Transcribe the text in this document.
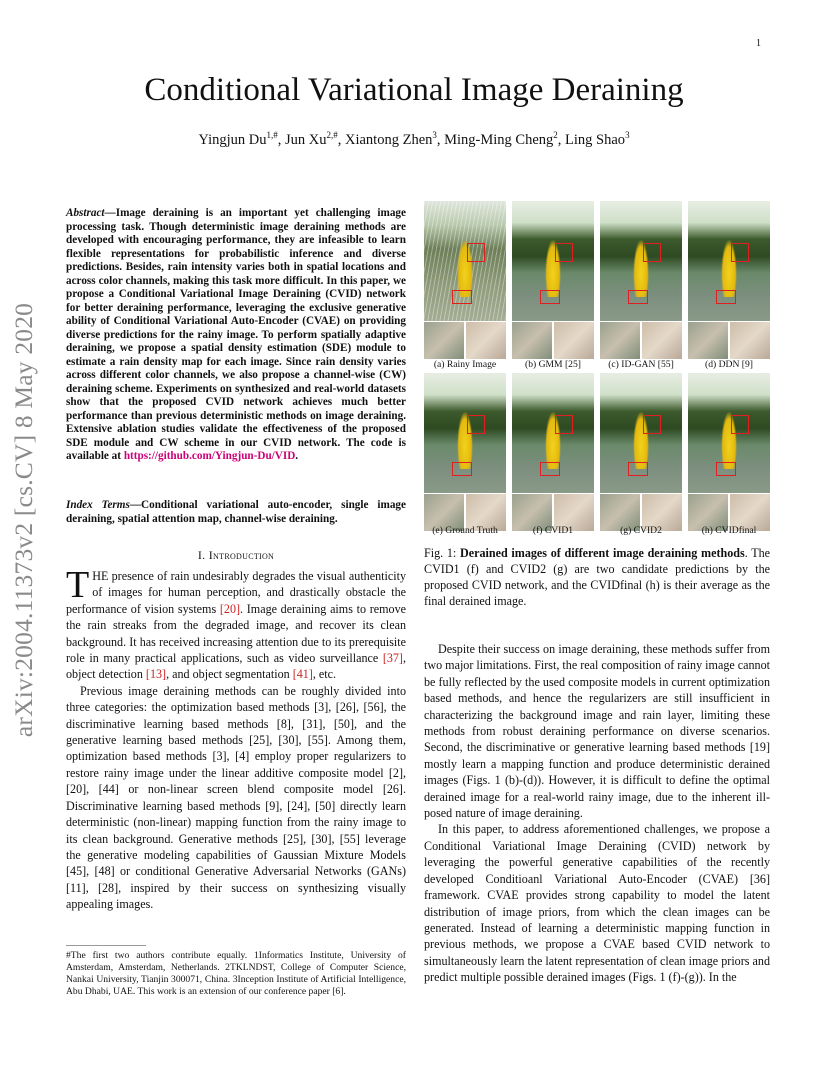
1
arXiv:2004.11373v2 [cs.CV] 8 May 2020
Conditional Variational Image Deraining
Yingjun $Du^{1,\#}$, Jun $Xu^{2,\#}$, Xiantong Zhen$^3$, Ming-Ming Cheng$^2$, Ling Shao$^3$
Abstract—Image deraining is an important yet challenging image processing task. Though deterministic image deraining methods are developed with encouraging performance, they are infeasible to learn flexible representations for probabilistic inference and diverse predictions. Besides, rain intensity varies both in spatial locations and across color channels, making this task more difficult. In this paper, we propose a Conditional Variational Image Deraining (CVID) network for better deraining performance, leveraging the exclusive generative ability of Conditional Variational Auto-Encoder (CVAE) on providing diverse predictions for the rainy image. To perform spatially adaptive deraining, we propose a spatial density estimation (SDE) module to estimate a rain density map for each image. Since rain density varies across different color channels, we also propose a channel-wise (CW) deraining scheme. Experiments on synthesized and real-world datasets show that the proposed CVID network achieves much better performance than previous deterministic methods on image deraining. Extensive ablation studies validate the effectiveness of the proposed SDE module and CW scheme in our CVID network. The code is available at https://github.com/Yingjun-Du/VID.
Index Terms—Conditional variational auto-encoder, single image deraining, spatial attention map, channel-wise deraining.
I. Introduction

THE presence of rain undesirably degrades the visual authenticity of images for human perception, and drastically obstacle the performance of vision systems [20]. Image deraining aims to remove the rain streaks from the degraded image, and recover its clean background. It has received increasing attention due to its prerequisite role in many practical applications, such as video surveillance [37], object detection [13], and object segmentation [41], etc.

Previous image deraining methods can be roughly divided into three categories: the optimization based methods [3], [26], [56], the discriminative learning based methods [8], [31], [50], and the generative learning based methods [25], [30], [55]. Among them, optimization based methods [3], [4] employ proper regularizers to restore rainy image under the linear additive composite model [2], [20], [44] or non-linear screen blend composite model [26]. Discriminative learning based methods [9], [24], [50] directly learn deterministic (non-linear) mapping function from the rainy image to its clean background. Generative methods [25], [30], [55] leverage the generative modeling capabilities of Gaussian Mixture Models [45], [48] or conditional Generative Adversarial Networks (GANs) [11], [28], inspired by their success on synthesizing visually appealing images.

#The first two authors contribute equally. 1Informatics Institute, University of Amsterdam, Amsterdam, Netherlands. 2TKLNDST, College of Computer Science, Nankai University, Tianjin 300071, China. 3Inception Institute of Artificial Intelligence, Abu Dhabi, UAE. This work is an extension of our conference paper [6].
(a) Rainy Image	(b) GMM [25]	(c) ID-GAN [55]	(d) DDN [9]
(e) Ground Truth	(f) CVID1	(g) CVID2	(h) CVIDfinal
Fig. 1: Derained images of different image deraining methods. The CVID1 (f) and CVID2 (g) are two candidate predictions by the proposed CVID network, and the CVIDfinal (h) is their average as the final derained image.

Despite their success on image deraining, these methods suffer from two major limitations. First, the real composition of rainy image cannot be fully reflected by the used composite models in current optimization based methods, and hence the regularizers are still insufficient in characterizing the background image and rain layer, limiting these methods from robust deraining performance on diverse scenarios. Second, the discriminative or generative learning based methods [19] mostly learn a mapping function and produce deterministic derained images (Figs. 1 (b)-(d)). However, it is difficult to define the optimal derained image for a real-world rainy image, due to the inherent ill-posed nature of image deraining.

In this paper, to address aforementioned challenges, we propose a Conditional Variational Image Deraining (CVID) network by leveraging the powerful generative capabilities of the recently developed Conditioanl Variational Auto-Encoder (CVAE) [36] framework. CVAE provides strong capability to model the latent distribution of image priors, from which the clean images can be generated. Instead of learning a deterministic mapping function in previous methods, we propose a CVAE based CVID network to simultaneously learn the latent representation of clean image priors and predict multiple possible derained images (Figs. 1 (f)-(g)). In the
